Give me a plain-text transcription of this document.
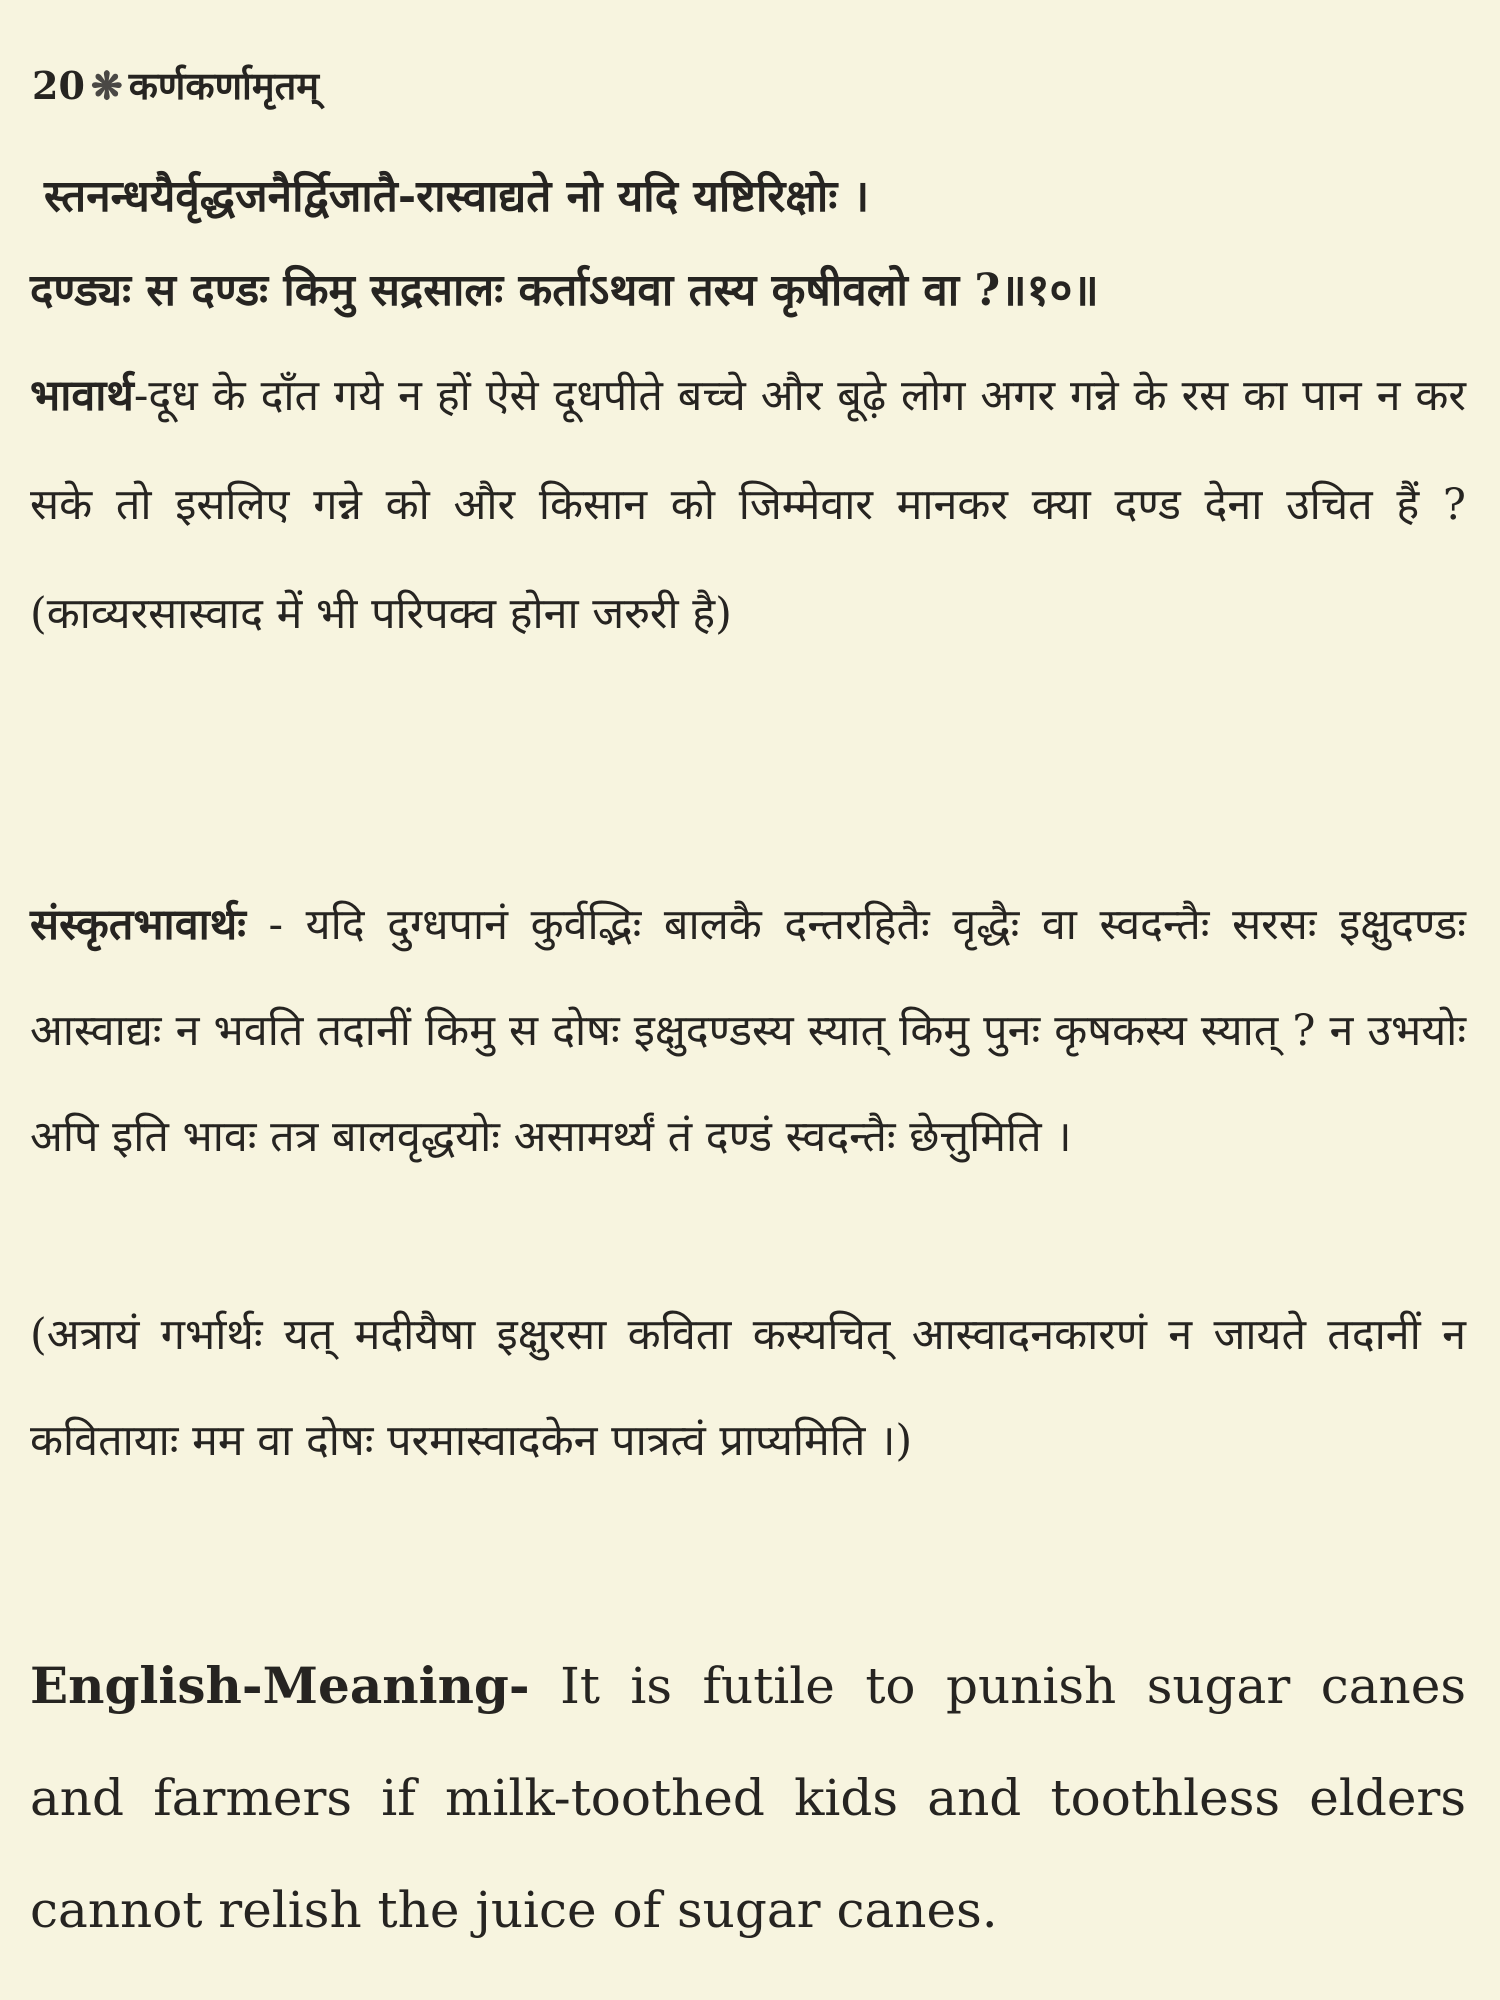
20 ❋ कर्णकर्णामृतम्
स्तनन्धयैर्वृद्धजनैर्द्विजातै-रास्वाद्यते नो यदि यष्टिरिक्षोः ।
दण्ड्यः स दण्डः किमु सद्रसालः कर्ताऽथवा तस्य कृषीवलो वा ?॥१०॥
भावार्थ-दूध के दाँत गये न हों ऐसे दूधपीते बच्चे और बूढ़े लोग अगर गन्ने के रस का पान न कर सके तो इसलिए गन्ने को और किसान को जिम्मेवार मानकर क्या दण्ड देना उचित हैं ?(काव्यरसास्वाद में भी परिपक्व होना जरुरी है)
संस्कृतभावार्थः - यदि दुग्धपानं कुर्वद्भिः बालकै दन्तरहितैः वृद्धैः वा स्वदन्तैः सरसः इक्षुदण्डः आस्वाद्यः न भवति तदानीं किमु स दोषः इक्षुदण्डस्य स्यात् किमु पुनः कृषकस्य स्यात् ? न उभयोः अपि इति भावः तत्र बालवृद्धयोः असामर्थ्यं तं दण्डं स्वदन्तैः छेत्तुमिति ।
(अत्रायं गर्भार्थः यत् मदीयैषा इक्षुरसा कविता कस्यचित् आस्वादनकारणं न जायते तदानीं न कवितायाः मम वा दोषः परमास्वादकेन पात्रत्वं प्राप्यमिति ।)
English-Meaning- It is futile to punish sugar canes and farmers if milk-toothed kids and toothless elders cannot relish the juice of sugar canes.
